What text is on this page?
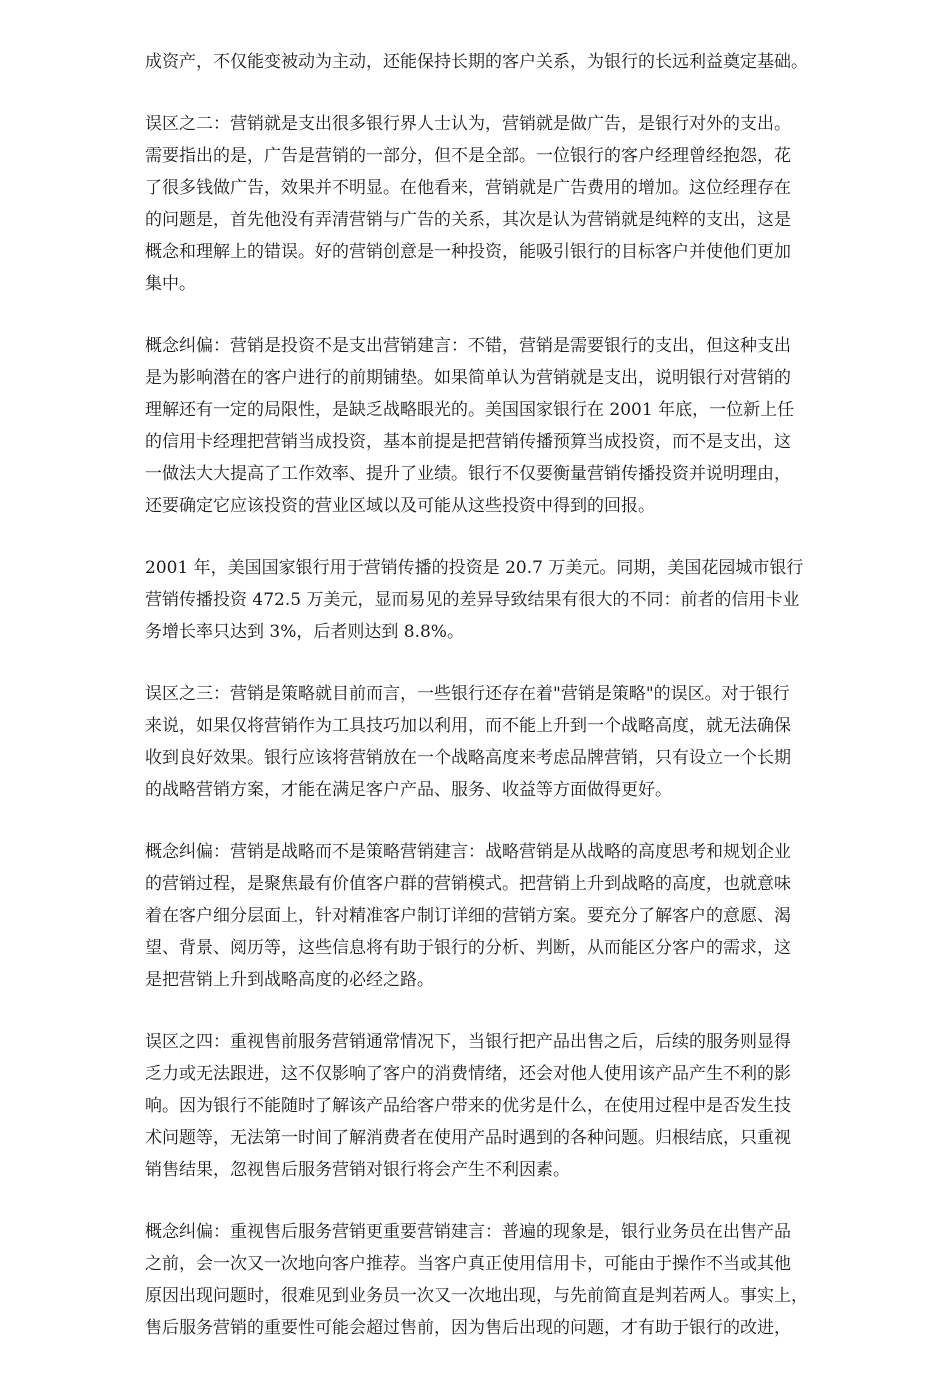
成资产，不仅能变被动为主动，还能保持长期的客户关系，为银行的长远利益奠定基础。
误区之二：营销就是支出很多银行界人士认为，营销就是做广告，是银行对外的支出。
需要指出的是，广告是营销的一部分，但不是全部。一位银行的客户经理曾经抱怨，花
了很多钱做广告，效果并不明显。在他看来，营销就是广告费用的增加。这位经理存在
的问题是，首先他没有弄清营销与广告的关系，其次是认为营销就是纯粹的支出，这是
概念和理解上的错误。好的营销创意是一种投资，能吸引银行的目标客户并使他们更加
集中。
概念纠偏：营销是投资不是支出营销建言：不错，营销是需要银行的支出，但这种支出
是为影响潜在的客户进行的前期铺垫。如果简单认为营销就是支出，说明银行对营销的
理解还有一定的局限性，是缺乏战略眼光的。美国国家银行在 2001 年底，一位新上任
的信用卡经理把营销当成投资，基本前提是把营销传播预算当成投资，而不是支出，这
一做法大大提高了工作效率、提升了业绩。银行不仅要衡量营销传播投资并说明理由，
还要确定它应该投资的营业区域以及可能从这些投资中得到的回报。
2001 年，美国国家银行用于营销传播的投资是 20.7 万美元。同期，美国花园城市银行
营销传播投资 472.5 万美元，显而易见的差异导致结果有很大的不同：前者的信用卡业
务增长率只达到 3%，后者则达到 8.8%。
误区之三：营销是策略就目前而言，一些银行还存在着"营销是策略"的误区。对于银行
来说，如果仅将营销作为工具技巧加以利用，而不能上升到一个战略高度，就无法确保
收到良好效果。银行应该将营销放在一个战略高度来考虑品牌营销，只有设立一个长期
的战略营销方案，才能在满足客户产品、服务、收益等方面做得更好。
概念纠偏：营销是战略而不是策略营销建言：战略营销是从战略的高度思考和规划企业
的营销过程，是聚焦最有价值客户群的营销模式。把营销上升到战略的高度，也就意味
着在客户细分层面上，针对精准客户制订详细的营销方案。要充分了解客户的意愿、渴
望、背景、阅历等，这些信息将有助于银行的分析、判断，从而能区分客户的需求，这
是把营销上升到战略高度的必经之路。
误区之四：重视售前服务营销通常情况下，当银行把产品出售之后，后续的服务则显得
乏力或无法跟进，这不仅影响了客户的消费情绪，还会对他人使用该产品产生不利的影
响。因为银行不能随时了解该产品给客户带来的优劣是什么，在使用过程中是否发生技
术问题等，无法第一时间了解消费者在使用产品时遇到的各种问题。归根结底，只重视
销售结果，忽视售后服务营销对银行将会产生不利因素。
概念纠偏：重视售后服务营销更重要营销建言：普遍的现象是，银行业务员在出售产品
之前，会一次又一次地向客户推荐。当客户真正使用信用卡，可能由于操作不当或其他
原因出现问题时，很难见到业务员一次又一次地出现，与先前简直是判若两人。事实上，
售后服务营销的重要性可能会超过售前，因为售后出现的问题，才有助于银行的改进，
